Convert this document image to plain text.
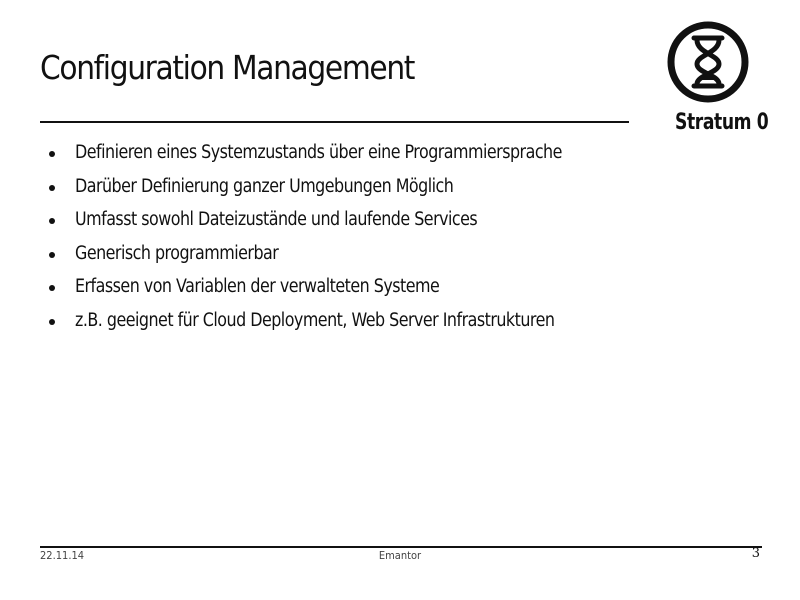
Configuration Management
Stratum 0
Definieren eines Systemzustands über eine Programmiersprache
Darüber Definierung ganzer Umgebungen Möglich
Umfasst sowohl Dateizustände und laufende Services
Generisch programmierbar
Erfassen von Variablen der verwalteten Systeme
z.B. geeignet für Cloud Deployment, Web Server Infrastrukturen
22.11.14	Emantor	3
